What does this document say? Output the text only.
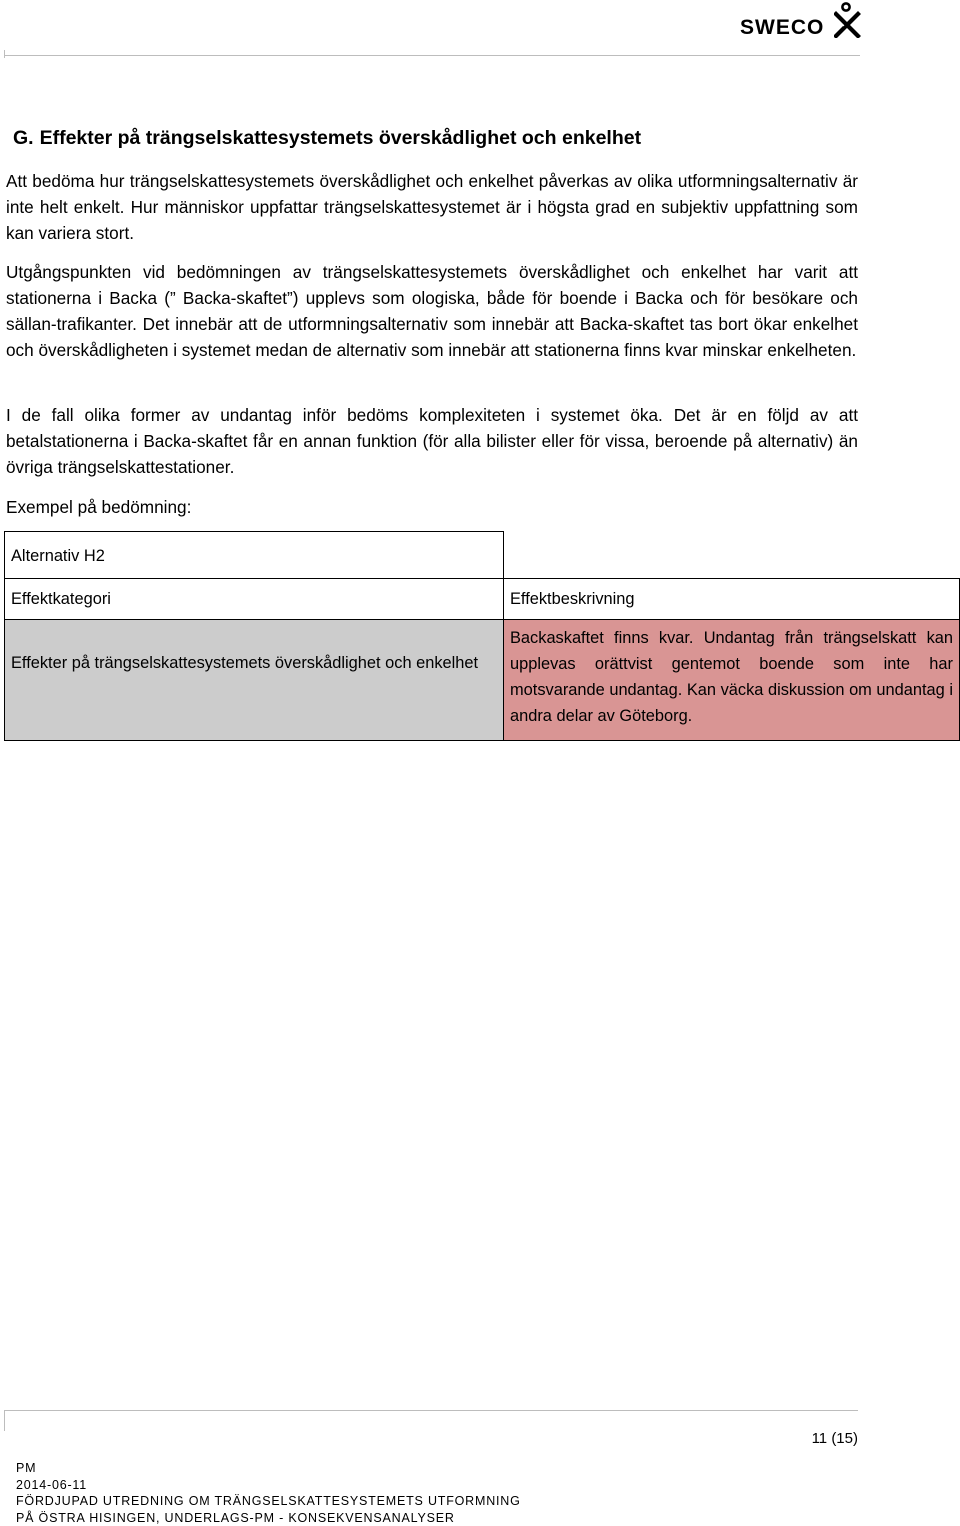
SWECO
G. Effekter på trängselskattesystemets överskådlighet och enkelhet

Att bedöma hur trängselskattesystemets överskådlighet och enkelhet påverkas av olika utformningsalternativ är inte helt enkelt. Hur människor uppfattar trängselskattesystemet är i högsta grad en subjektiv uppfattning som kan variera stort.

Utgångspunkten vid bedömningen av trängselskattesystemets överskådlighet och enkelhet har varit att stationerna i Backa (” Backa-skaftet”) upplevs som ologiska, både för boende i Backa och för besökare och sällan-trafikanter. Det innebär att de utformningsalternativ som innebär att Backa-skaftet tas bort ökar enkelhet och överskådligheten i systemet medan de alternativ som innebär att stationerna finns kvar minskar enkelheten.

I de fall olika former av undantag inför bedöms komplexiteten i systemet öka. Det är en följd av att betalstationerna i Backa-skaftet får en annan funktion (för alla bilister eller för vissa, beroende på alternativ) än övriga trängselskattestationer.

Exempel på bedömning:

Alternativ H2
Effektkategori	Effektbeskrivning
Effekter på trängselskattesystemets överskådlighet och enkelhet
Backaskaftet finns kvar. Undantag från trängselskatt kan upplevas orättvist gentemot boende som inte har motsvarande undantag. Kan väcka diskussion om undantag i andra delar av Göteborg.
11 (15)
PM
2014-06-11
FÖRDJUPAD UTREDNING OM TRÄNGSELSKATTESYSTEMETS UTFORMNING
PÅ ÖSTRA HISINGEN, UNDERLAGS-PM - KONSEKVENSANALYSER
